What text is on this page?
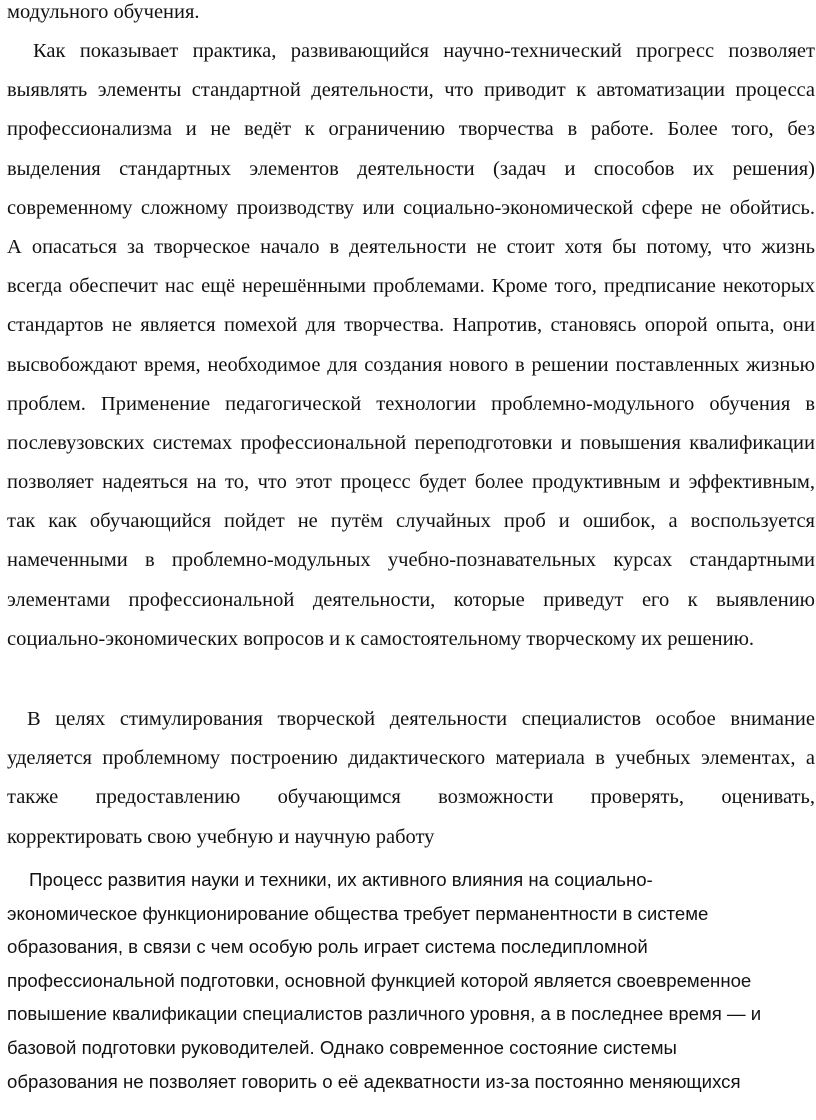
модульного обучения.
Как показывает практика, развивающийся научно-технический прогресс позволяет
выявлять элементы стандартной деятельности, что приводит к автоматизации процесса
профессионализма и не ведёт к ограничению творчества в работе. Более того, без
выделения стандартных элементов деятельности (задач и способов их решения)
современному сложному производству или социально-экономической сфере не обойтись.
А опасаться за творческое начало в деятельности не стоит хотя бы потому, что жизнь
всегда обеспечит нас ещё нерешёнными проблемами. Кроме того, предписание некоторых
стандартов не является помехой для творчества. Напротив, становясь опорой опыта, они
высвобождают время, необходимое для создания нового в решении поставленных жизнью
проблем. Применение педагогической технологии проблемно-модульного обучения в
послевузовских системах профессиональной переподготовки и повышения квалификации
позволяет надеяться на то, что этот процесс будет более продуктивным и эффективным,
так как обучающийся пойдет не путём случайных проб и ошибок, а воспользуется
намеченными в проблемно-модульных учебно-познавательных курсах стандартными
элементами профессиональной деятельности, которые приведут его к выявлению
социально-экономических вопросов и к самостоятельному творческому их решению.
В целях стимулирования творческой деятельности специалистов особое внимание
уделяется проблемному построению дидактического материала в учебных элементах, а
также предоставлению обучающимся возможности проверять, оценивать,
корректировать свою учебную и научную работу
Процесс развития науки и техники, их активного влияния на социально-
экономическое функционирование общества требует перманентности в системе
образования, в связи с чем особую роль играет система последипломной
профессиональной подготовки, основной функцией которой является своевременное
повышение квалификации специалистов различного уровня, а в последнее время — и
базовой подготовки руководителей. Однако современное состояние системы
образования не позволяет говорить о её адекватности из-за постоянно меняющихся
